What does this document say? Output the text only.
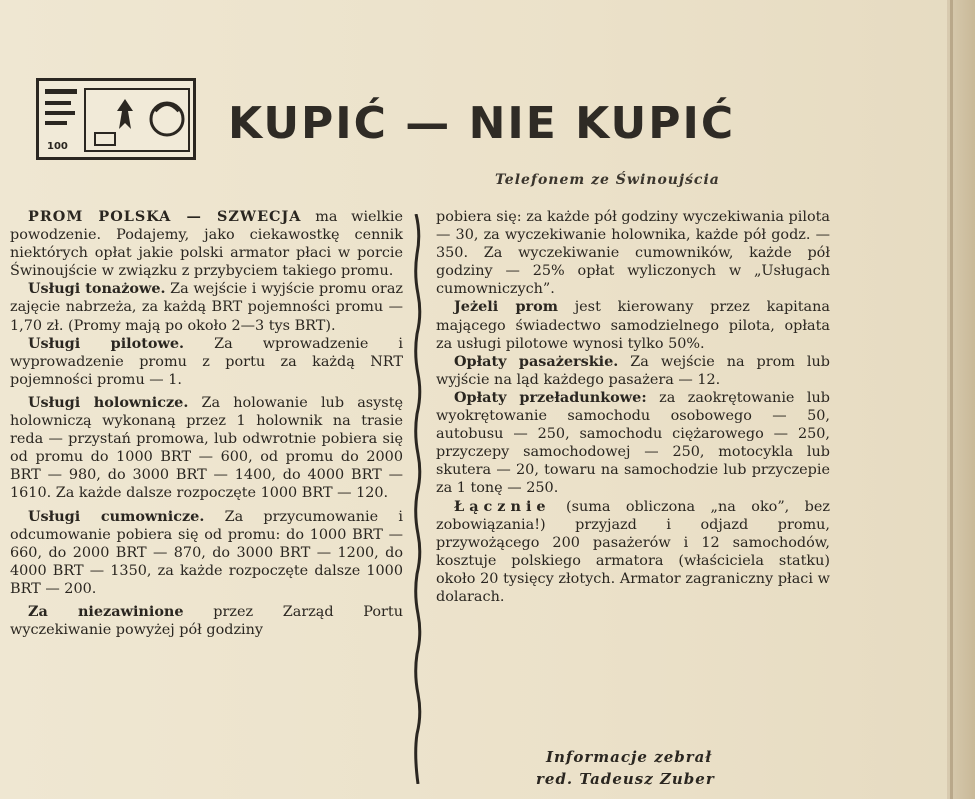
100	KUPIĆ — NIE KUPIĆ
Telefonem ze Świnoujścia

PROM POLSKA — SZWECJA ma wielkie powodzenie. Podajemy, jako ciekawostkę cennik niektórych opłat jakie polski armator płaci w porcie Świnoujście w związku z przybyciem takiego promu.

Usługi tonażowe. Za wejście i wyjście promu oraz zajęcie nabrzeża, za każdą BRT pojemności promu — 1,70 zł. (Promy mają po około 2—3 tys BRT).

Usługi pilotowe. Za wprowadzenie i wyprowadzenie promu z portu za każdą NRT pojemności promu — 1.

Usługi holownicze. Za holowanie lub asystę holowniczą wykonaną przez 1 holownik na trasie reda — przystań promowa, lub odwrotnie pobiera się od promu do 1000 BRT — 600, od promu do 2000 BRT — 980, do 3000 BRT — 1400, do 4000 BRT — 1610. Za każde dalsze rozpoczęte 1000 BRT — 120.

Usługi cumownicze. Za przycumowanie i odcumowanie pobiera się od promu: do 1000 BRT — 660, do 2000 BRT — 870, do 3000 BRT — 1200, do 4000 BRT — 1350, za każde rozpoczęte dalsze 1000 BRT — 200.

Za niezawinione przez Zarząd Portu wyczekiwanie powyżej pół godziny

pobiera się: za każde pół godziny wyczekiwania pilota — 30, za wyczekiwanie holownika, każde pół godz. — 350. Za wyczekiwanie cumowników, każde pół godziny — 25% opłat wyliczonych w „Usługach cumowniczych”.

Jeżeli prom jest kierowany przez kapitana mającego świadectwo samodzielnego pilota, opłata za usługi pilotowe wynosi tylko 50%.

Opłaty pasażerskie. Za wejście na prom lub wyjście na ląd każdego pasażera — 12.

Opłaty przeładunkowe: za zaokrętowanie lub wyokrętowanie samochodu osobowego — 50, autobusu — 250, samochodu ciężarowego — 250, przyczepy samochodowej — 250, motocykla lub skutera — 20, towaru na samochodzie lub przyczepie za 1 tonę — 250.

Łącznie (suma obliczona „na oko”, bez zobowiązania!) przyjazd i odjazd promu, przywożącego 200 pasażerów i 12 samochodów, kosztuje polskiego armatora (właściciela statku) około 20 tysięcy złotych. Armator zagraniczny płaci w dolarach.

Informacje zebrał
red. Tadeusz Zuber
